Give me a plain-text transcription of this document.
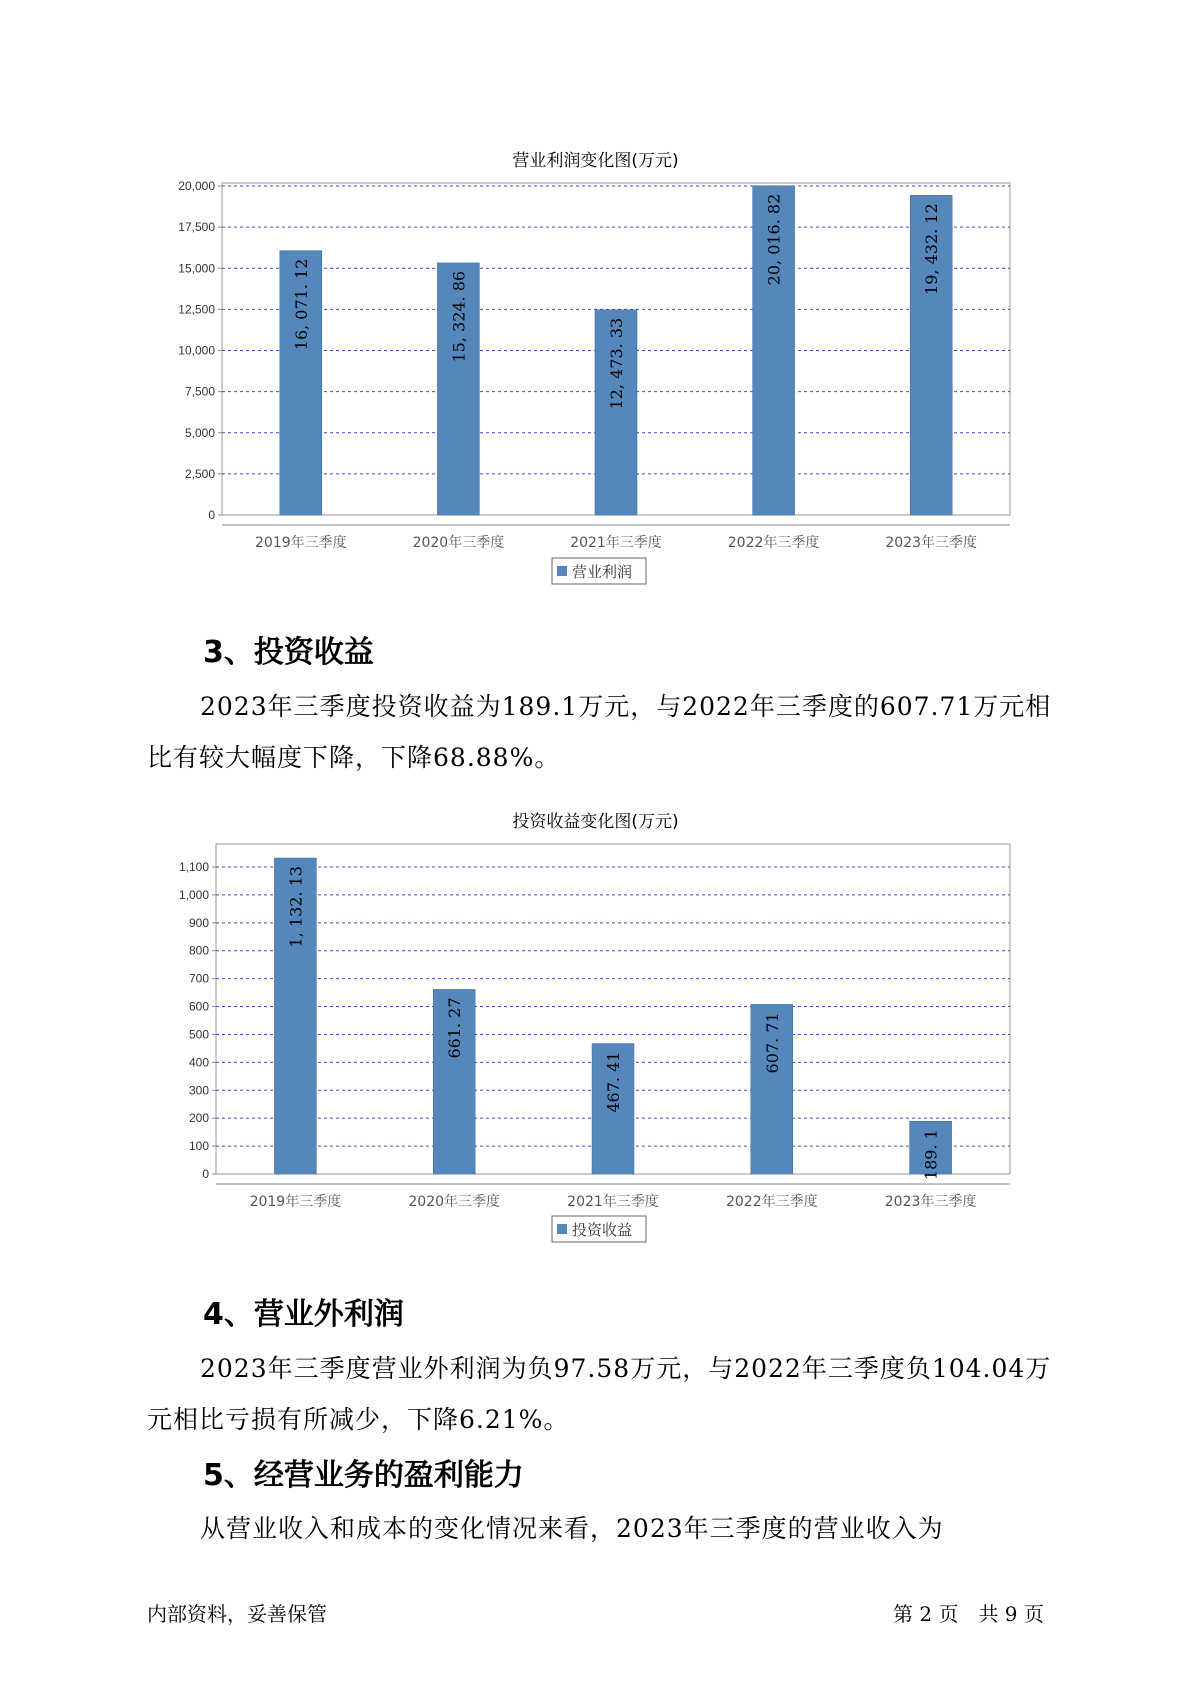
营业利润变化图(万元)
0
2,500
5,000
7,500
10,000
12,500
15,000
17,500
20,000
16, 071. 12
2019年三季度
15, 324. 86
2020年三季度
12, 473. 33
2021年三季度
20, 016. 82
2022年三季度
19, 432. 12
2023年三季度
营业利润
投资收益变化图(万元)
0
100
200
300
400
500
600
700
800
900
1,000
1,100	1, 132. 13
2019年三季度
661. 27
2020年三季度
467. 41
2021年三季度
607. 71
2022年三季度
189. 1
2023年三季度
投资收益
3、投资收益
2023年三季度投资收益为189.1万元，与2022年三季度的607.71万元相比有较大幅度下降，下降68.88%。
4、营业外利润
2023年三季度营业外利润为负97.58万元，与2022年三季度负104.04万元相比亏损有所减少，下降6.21%。
5、经营业务的盈利能力
从营业收入和成本的变化情况来看，2023年三季度的营业收入为
内部资料，妥善保管	第 2 页　共 9 页
